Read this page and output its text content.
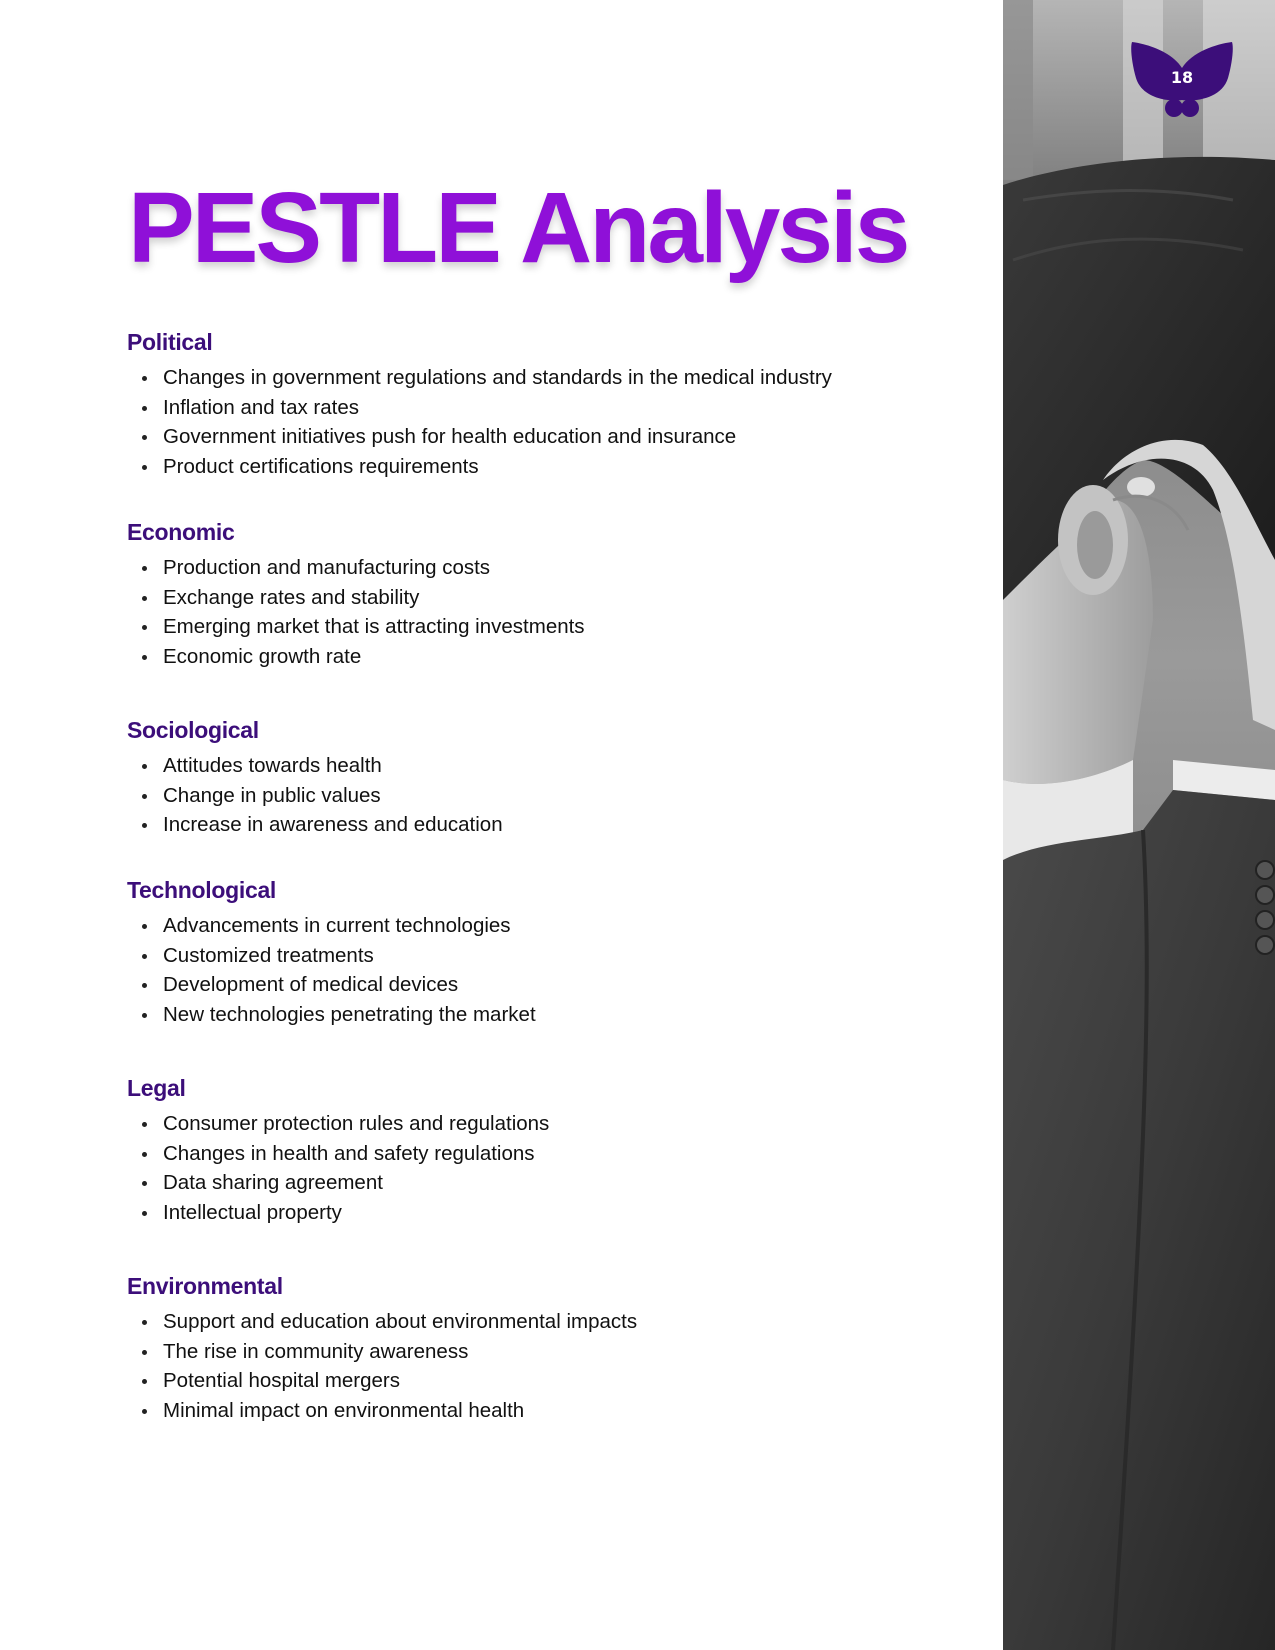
PESTLE Analysis
Political
Changes in government regulations and standards in the medical industry
Inflation and tax rates
Government initiatives push for health education and insurance
Product certifications requirements
Economic
Production and manufacturing costs
Exchange rates and stability
Emerging market that is attracting investments
Economic growth rate
Sociological
Attitudes towards health
Change in public values
Increase in awareness and education
Technological
Advancements in current technologies
Customized treatments
Development of medical devices
New technologies penetrating the market
Legal
Consumer protection rules and regulations
Changes in health and safety regulations
Data sharing agreement
Intellectual property
Environmental
Support and education about environmental impacts
The rise in community awareness
Potential hospital mergers
Minimal impact on environmental health
18
